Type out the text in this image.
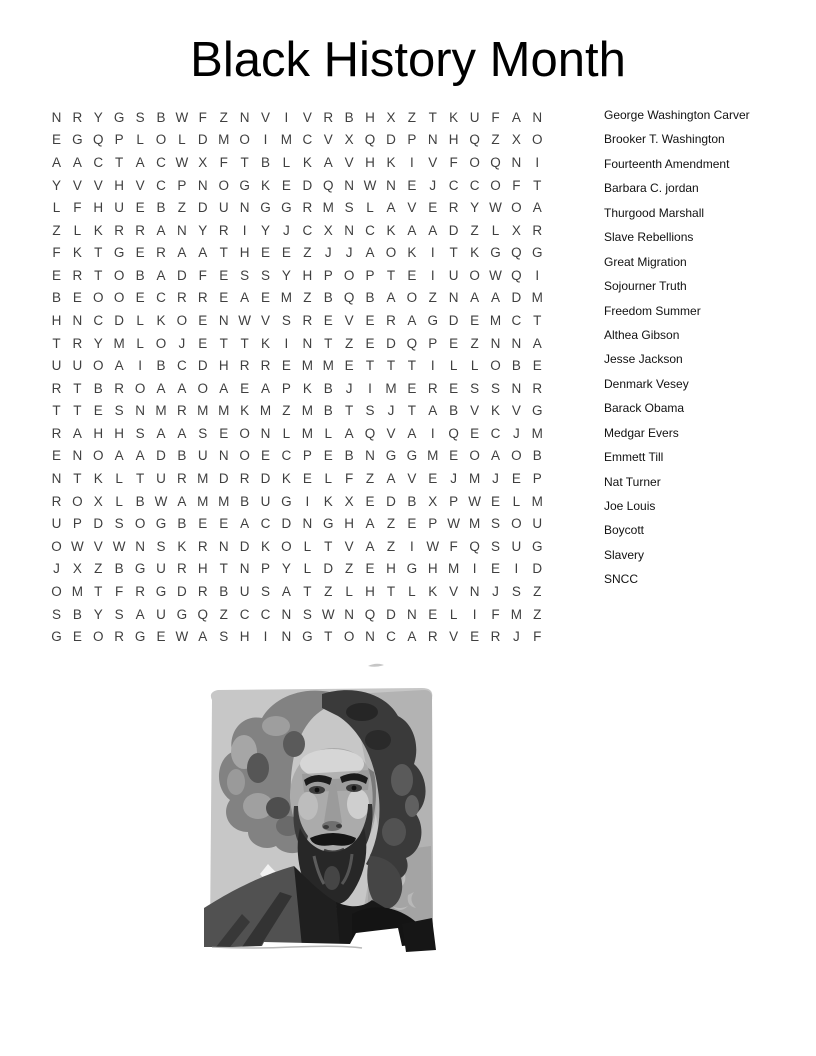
Black History Month
N R Y G S B W F Z N V	I	V R B H X Z T K U F A N
E G Q P L O L D M O	I M C V X Q D P N H Q Z X O
A A C T A C W X F T B L K A V H K	I	V F O Q N	I
Y V V H V C P N O G K E D Q N W N E J C C O F T
L F H U E B Z D U N G G R M S L A V E R Y W O A
Z L K R R A N Y R	I	Y J C X N C K A A D Z L X R
F K T G E R A A T H E E Z J	J A O K	I	T K G Q G
E R T O B A D F E S S Y H P O P T E	I	U O W Q	I
B E O O E C R R E A E M Z B Q B A O Z N A A D M
H N C D L K O E N W V S R E V E R A G D E M C T
T R Y M L O J E T T K	I	N T Z E D Q P E Z N N A
U U O A	I	B C D H R R E M M E T T T	I	L L O B E
R T B R O A A O A E A P K B J	I M E R E S S N R
T T E S N M R M M K M Z M B T S J T A B V K V G
R A H H S A A S E O N L M L A Q V A	I	Q E C J M
E N O A A D B U N O E C P E B N G G M E O A O B
N T K L T U R M D R D K E L F Z A V E J M J E P
R O X L B W A M M B U G	I	K X E D B X P W E L M
U P D S O G B E E A C D N G H A Z E P W M S O U
O W V W N S K R N D K O L T V A Z	I W F Q S U G
J X Z B G U R H T N P Y L D Z E H G H M I	E	I	D
O M T F R G D R B U S A T Z L H T L K V N J S Z
S B Y S A U G Q Z C C N S W N Q D N E L	I	F M Z
G E O R G E W A S H	I	N G T O N C A R V E R J F
George Washington Carver
Brooker T. Washington
Fourteenth Amendment
Barbara C. jordan
Thurgood Marshall
Slave Rebellions
Great Migration
Sojourner Truth
Freedom Summer
Althea Gibson
Jesse Jackson
Denmark Vesey
Barack Obama
Medgar Evers
Emmett Till
Nat Turner
Joe Louis
Boycott
Slavery
SNCC
